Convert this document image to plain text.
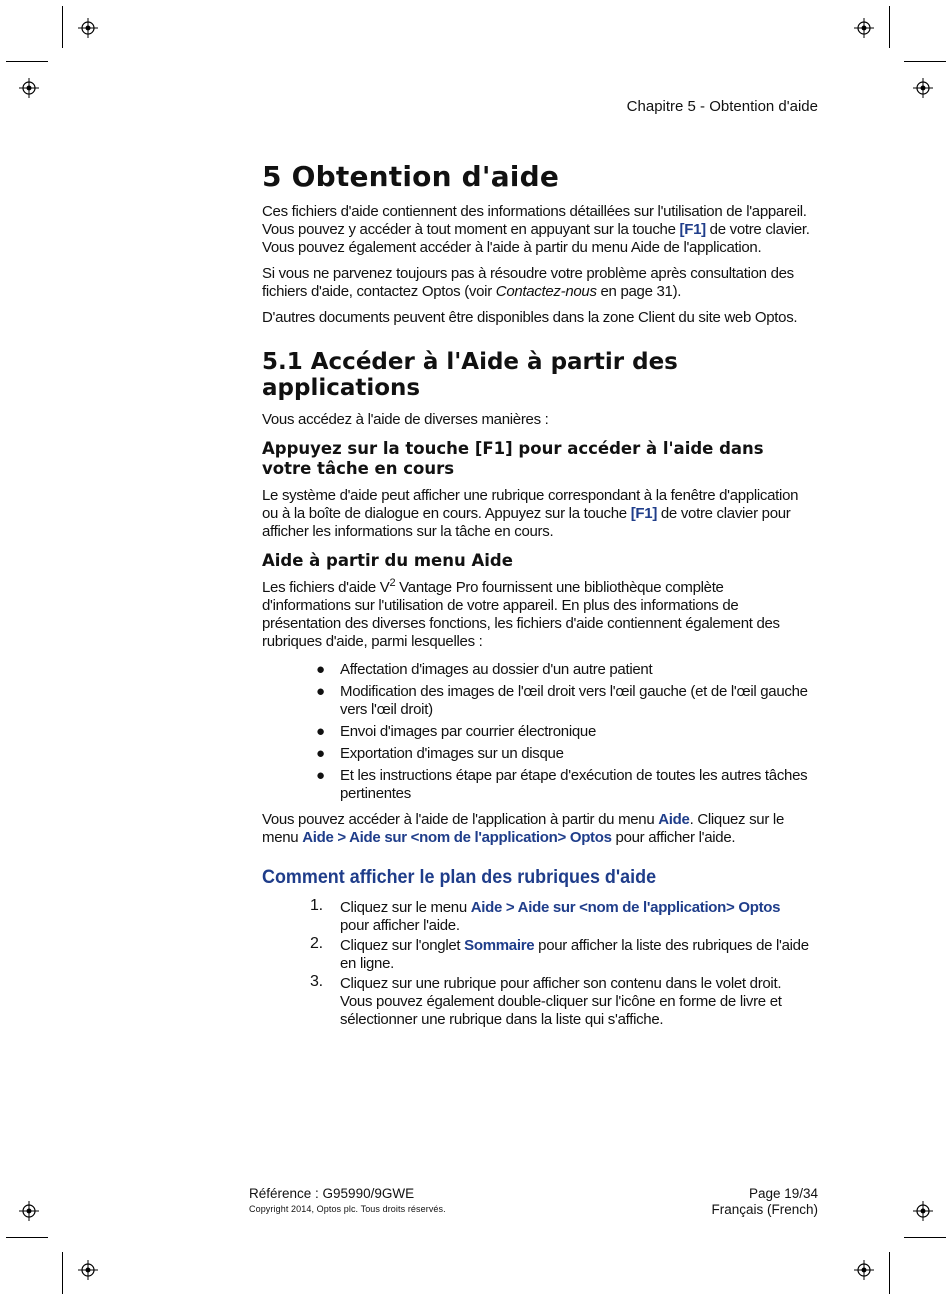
Chapitre 5 - Obtention d'aide
5 Obtention d'aide

Ces fichiers d'aide contiennent des informations détaillées sur l'utilisation de l'appareil. Vous pouvez y accéder à tout moment en appuyant sur la touche [F1] de votre clavier. Vous pouvez également accéder à l'aide à partir du menu Aide de l'application.

Si vous ne parvenez toujours pas à résoudre votre problème après consultation des fichiers d'aide, contactez Optos (voir Contactez-nous en page 31).

D'autres documents peuvent être disponibles dans la zone Client du site web Optos.

5.1 Accéder à l'Aide à partir des applications

Vous accédez à l'aide de diverses manières :

Appuyez sur la touche [F1] pour accéder à l'aide dans votre tâche en cours

Le système d'aide peut afficher une rubrique correspondant à la fenêtre d'application ou à la boîte de dialogue en cours. Appuyez sur la touche [F1] de votre clavier pour afficher les informations sur la tâche en cours.

Aide à partir du menu Aide

Les fichiers d'aide $V^2$ Vantage Pro fournissent une bibliothèque complète d'informations sur l'utilisation de votre appareil. En plus des informations de présentation des diverses fonctions, les fichiers d'aide contiennent également des rubriques d'aide, parmi lesquelles :

● Affectation d'images au dossier d'un autre patient
● Modification des images de l'œil droit vers l'œil gauche (et de l'œil gauche vers l'œil droit)
● Envoi d'images par courrier électronique
● Exportation d'images sur un disque
● Et les instructions étape par étape d'exécution de toutes les autres tâches pertinentes

Vous pouvez accéder à l'aide de l'application à partir du menu Aide. Cliquez sur le menu Aide > Aide sur <nom de l'application> Optos pour afficher l'aide.

Comment afficher le plan des rubriques d'aide
1. Cliquez sur le menu Aide > Aide sur <nom de l'application> Optos pour afficher l'aide.
2. Cliquez sur l'onglet Sommaire pour afficher la liste des rubriques de l'aide en ligne.
3. Cliquez sur une rubrique pour afficher son contenu dans le volet droit. Vous pouvez également double-cliquer sur l'icône en forme de livre et sélectionner une rubrique dans la liste qui s'affiche.
Référence : G95990/9GWE
Copyright 2014, Optos plc. Tous droits réservés.
Page 19/34
Français (French)
